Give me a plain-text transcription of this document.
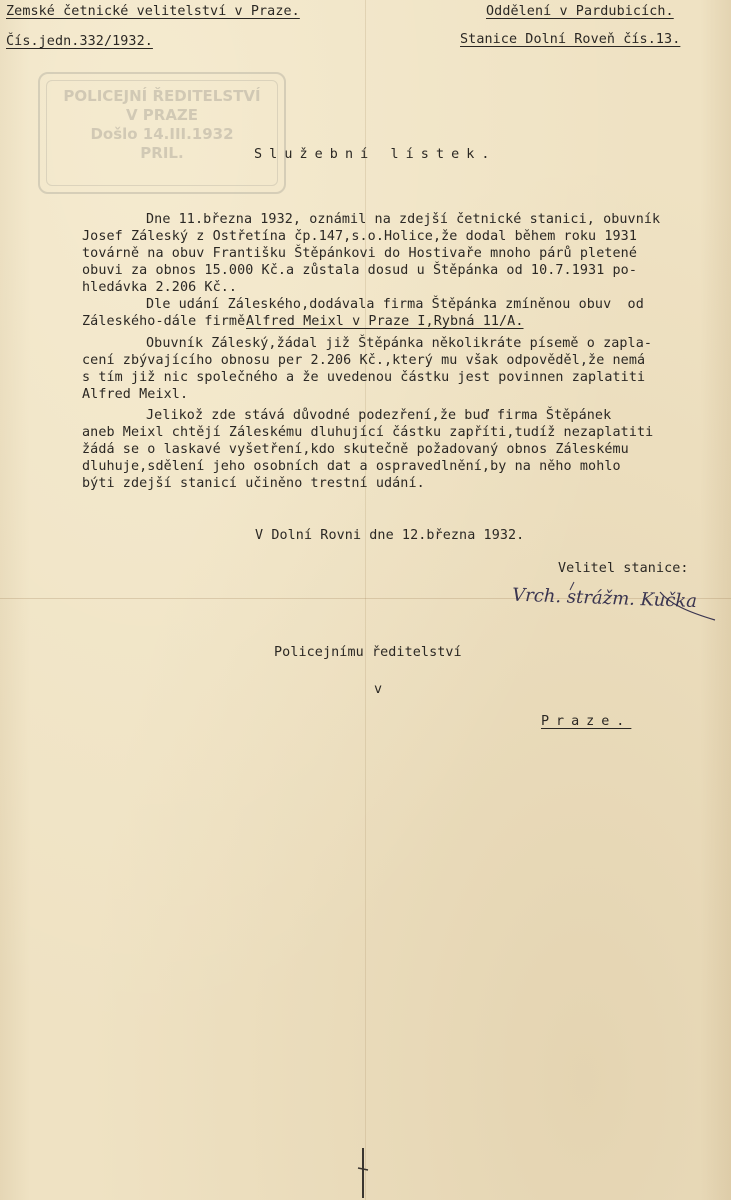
POLICEJNÍ ŘEDITELSTVÍ
V PRAZE
Došlo 14.III.1932
PRIL.
Zemské četnické velitelství v Praze.
Čís.jedn.332/1932.
Oddělení v Pardubicích.
Stanice Dolní Roveň čís.13.
Služební lístek.
Dne 11.března 1932, oznámil na zdejší četnické stanici, obuvník
Josef Záleský z Ostřetína čp.147,s.o.Holice,že dodal během roku 1931
továrně na obuv Františku Štěpánkovi do Hostivaře mnoho párů pletené
obuvi za obnos 15.000 Kč.a zůstala dosud u Štěpánka od 10.7.1931 po-
hledávka 2.206 Kč..
Dle udání Záleského,dodávala firma Štěpánka zmíněnou obuv  od
Záleského-dále firmě
Alfred Meixl v Praze I,Rybná 11/A.
Obuvník Záleský,žádal již Štěpánka několikráte písemě o zapla-
cení zbývajícího obnosu per 2.206 Kč.,který mu však odpověděl,že nemá
s tím již nic společného a že uvedenou částku jest povinnen zaplatiti
Alfred Meixl.
Jelikož zde stává důvodné podezření,že buď firma Štěpánek
aneb Meixl chtějí Záleskému dluhující částku zapříti,tudíž nezaplatiti
žádá se o laskavé vyšetření,kdo skutečně požadovaný obnos Záleskému
dluhuje,sdělení jeho osobních dat a ospravedlnění,by na něho mohlo
býti zdejší stanicí učiněno trestní udání.
V Dolní Rovni dne 12.března 1932.
Velitel stanice:
Vrch. strážm. Kučka
Policejnímu ředitelství
v
Praze.
